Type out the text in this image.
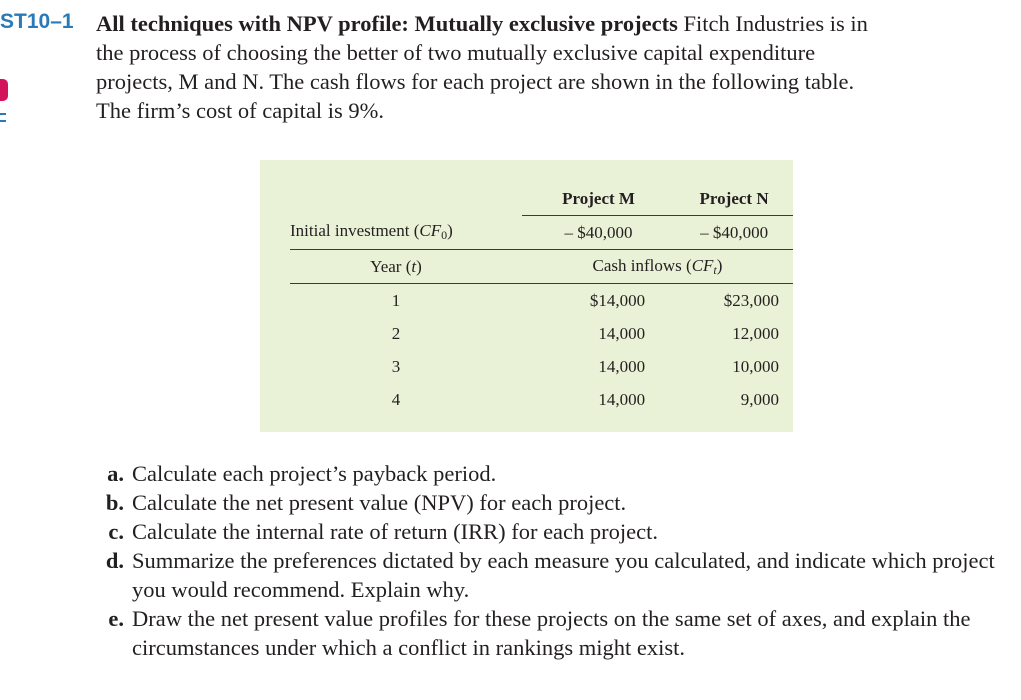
ST10–1 All techniques with NPV profile: Mutually exclusive projects Fitch Industries is in
the process of choosing the better of two mutually exclusive capital expenditure
projects, M and N. The cash flows for each project are shown in the following table.
The firm’s cost of capital is 9%.
	Project M	Project N
Initial investment $(CF_0)$	– $40,000	– $40,000
Year (t)	Cash inflows $(CF_t)$	
1	$14,000	$23,000
2	14,000	12,000
3	14,000	10,000
4	14,000	9,000
a. Calculate each project’s payback period.
b. Calculate the net present value (NPV) for each project.
c. Calculate the internal rate of return (IRR) for each project.
d. Summarize the preferences dictated by each measure you calculated, and indicate which project you would recommend. Explain why.
e. Draw the net present value profiles for these projects on the same set of axes, and explain the circumstances under which a conflict in rankings might exist.
